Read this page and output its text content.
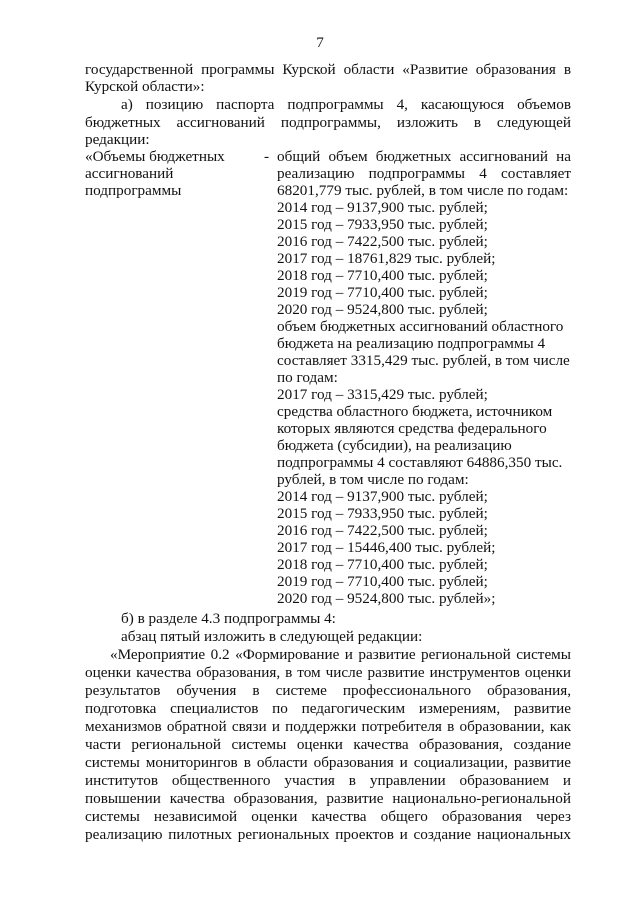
7
государственной программы Курской области «Развитие образования в
Курской области»:
а) позицию паспорта подпрограммы 4, касающуюся объемов
бюджетных ассигнований подпрограммы, изложить в следующей
редакции:
«Объемы бюджетных
ассигнований
подпрограммы
- общий объем бюджетных ассигнований на
реализацию подпрограммы 4 составляет
68201,779 тыс. рублей, в том числе по годам:
2014 год – 9137,900 тыс. рублей;
2015 год – 7933,950 тыс. рублей;
2016 год – 7422,500 тыс. рублей;
2017 год – 18761,829 тыс. рублей;
2018 год – 7710,400 тыс. рублей;
2019 год – 7710,400 тыс. рублей;
2020 год – 9524,800 тыс. рублей;
объем бюджетных ассигнований областного
бюджета на реализацию подпрограммы 4
составляет 3315,429 тыс. рублей, в том числе
по годам:
2017 год – 3315,429 тыс. рублей;
средства областного бюджета, источником
которых являются средства федерального
бюджета (субсидии), на реализацию
подпрограммы 4 составляют 64886,350 тыс.
рублей, в том числе по годам:
2014 год – 9137,900 тыс. рублей;
2015 год – 7933,950 тыс. рублей;
2016 год – 7422,500 тыс. рублей;
2017 год – 15446,400 тыс. рублей;
2018 год – 7710,400 тыс. рублей;
2019 год – 7710,400 тыс. рублей;
2020 год – 9524,800 тыс. рублей»;
б) в разделе 4.3 подпрограммы 4:
абзац пятый изложить в следующей редакции:
«Мероприятие 0.2 «Формирование и развитие региональной системы
оценки качества образования, в том числе развитие инструментов оценки
результатов обучения в системе профессионального образования,
подготовка специалистов по педагогическим измерениям, развитие
механизмов обратной связи и поддержки потребителя в образовании, как
части региональной системы оценки качества образования, создание
системы мониторингов в области образования и социализации, развитие
институтов общественного участия в управлении образованием и
повышении качества образования, развитие национально-региональной
системы независимой оценки качества общего образования через
реализацию пилотных региональных проектов и создание национальных
